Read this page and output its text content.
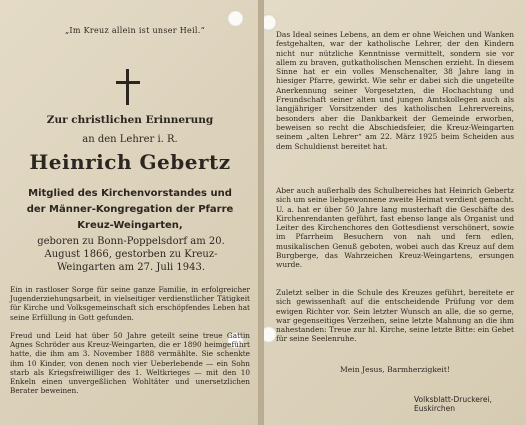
„Im Kreuz allein ist unser Heil.“
Zur christlichen Erinnerung
an den Lehrer i. R.
Heinrich Gebertz
Mitglied des Kirchenvorstandes und
der Männer-Kongregation der Pfarre
Kreuz-Weingarten,
geboren zu Bonn-Poppelsdorf am 20.
August 1866, gestorben zu Kreuz-
Weingarten am 27. Juli 1943.

Ein in rastloser Sorge für seine ganze Familie, in erfolgreicher Jugenderziehungsarbeit, in vielseitiger verdienstlicher Tätigkeit für Kirche und Volksgemeinschaft sich erschöpfendes Leben hat seine Erfüllung in Gott gefunden.

Freud und Leid hat über 50 Jahre geteilt seine treue Gattin Agnes Schröder aus Kreuz-Weingarten, die er 1890 heimgeführt hatte, die ihm am 3. November 1888 vermählte. Sie schenkte ihm 10 Kinder, von denen noch vier Ueberlebende — ein Sohn starb als Kriegsfreiwilliger des 1. Weltkrieges — mit den 10 Enkeln einen unvergeßlichen Wohltäter und unersetzlichen Berater beweinen.

Das Ideal seines Lebens, an dem er ohne Weichen und Wanken festgehalten, war der katholische Lehrer, der den Kindern nicht nur nützliche Kenntnisse vermittelt, sondern sie vor allem zu braven, gutkatholischen Menschen erzieht. In diesem Sinne hat er ein volles Menschenalter, 38 Jahre lang in hiesiger Pfarre, gewirkt. Wie sehr er dabei sich die ungeteilte Anerkennung seiner Vorgesetzten, die Hochachtung und Freundschaft seiner alten und jungen Amtskollegen auch als langjähriger Vorsitzender des katholischen Lehrervereins, besonders aber die Dankbarkeit der Gemeinde erworben, beweisen so recht die Abschiedsfeier, die Kreuz-Weingarten seinem „alten Lehrer“ am 22. März 1925 beim Scheiden aus dem Schuldienst bereitet hat.

Aber auch außerhalb des Schulbereiches hat Heinrich Gebertz sich um seine liebgewonnene zweite Heimat verdient gemacht. U. a. hat er über 50 Jahre lang musterhaft die Geschäfte des Kirchenrendanten geführt, fast ebenso lange als Organist und Leiter des Kirchenchores den Gottesdienst verschönert, sowie im Pfarrheim Besuchern von nah und fern edlen, musikalischen Genuß geboten, wobei auch das Kreuz auf dem Burgberge, das Wahrzeichen Kreuz-Weingartens, ersungen wurde.

Zuletzt selber in die Schule des Kreuzes geführt, bereitete er sich gewissenhaft auf die entscheidende Prüfung vor dem ewigen Richter vor. Sein letzter Wunsch an alle, die so gerne, war gegenseitiges Verzeihen, seine letzte Mahnung an die ihm nahestanden: Treue zur hl. Kirche, seine letzte Bitte: ein Gebet für seine Seelenruhe.

Mein Jesus, Barmherzigkeit!
Volksblatt-Druckerei, Euskirchen
